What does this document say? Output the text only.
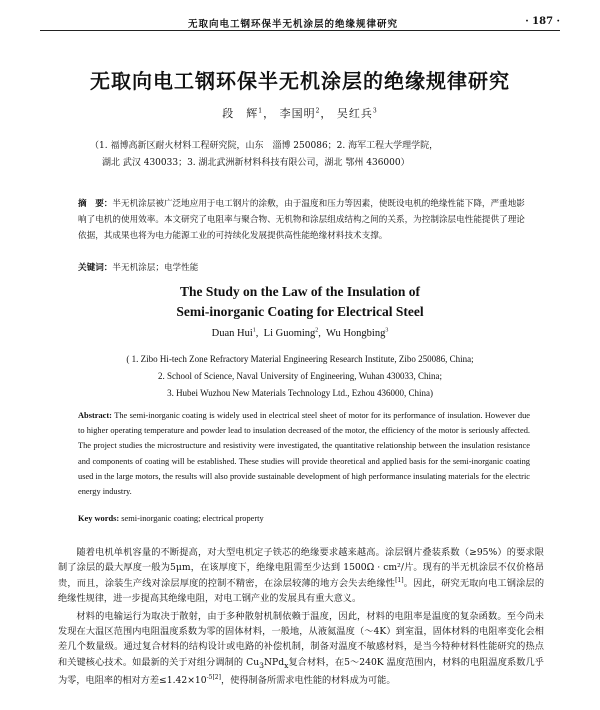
无取向电工钢环保半无机涂层的绝缘规律研究	· 187 ·
无取向电工钢环保半无机涂层的绝缘规律研究
段　辉$^1$， 李国明$^2$， 吴红兵$^3$
（1. 福博高新区耐火材料工程研究院，山东　淄博 250086；2. 海军工程大学理学院，
湖北 武汉 430033；3. 湖北武洲新材料科技有限公司，湖北 鄂州 436000）
摘　要：半无机涂层被广泛地应用于电工钢片的涂敷，由于温度和压力等因素，使既设电机的绝缘性能下降，严重地影响了电机的使用效率。本文研究了电阻率与聚合物、无机物和涂层组成结构之间的关系，为控制涂层电性能提供了理论依据，其成果也将为电力能源工业的可持续化发展提供高性能绝缘材料技术支撑。
关键词：半无机涂层；电学性能
The Study on the Law of the Insulation of
Semi-inorganic Coating for Electrical Steel
Duan Hui$^1$,  Li Guoming$^2$,  Wu Hongbing$^3$
( 1. Zibo Hi-tech Zone Refractory Material Engineering Research Institute, Zibo 250086, China;
2. School of Science, Naval University of Engineering, Wuhan 430033, China;
3. Hubei Wuzhou New Materials Technology Ltd., Ezhou 436000, China)
Abstract: The semi-inorganic coating is widely used in electrical steel sheet of motor for its performance of insulation. However due to higher operating temperature and powder lead to insulation decreased of the motor, the efficiency of the motor is seriously affected. The project studies the microstructure and resistivity were investigated, the quantitative relationship between the insulation resistance and components of coating will be established. These studies will provide theoretical and applied basis for the semi-inorganic coating used in the large motors, the results will also provide sustainable development of high performance insulating materials for the electric energy industry.
Key words: semi-inorganic coating; electrical property

随着电机单机容量的不断提高，对大型电机定子铁芯的绝缘要求越来越高。涂层钢片叠装系数（≥95%）的要求限制了涂层的最大厚度一般为5μm，在该厚度下，绝缘电阻需至少达到 1500Ω · cm²/片。现有的半无机涂层不仅价格昂贵，而且，涂装生产线对涂层厚度的控制不精密，在涂层较薄的地方会失去绝缘性[1]。因此，研究无取向电工钢涂层的绝缘性规律，进一步提高其绝缘电阻，对电工钢产业的发展具有重大意义。

材料的电输运行为取决于散射，由于多种散射机制依赖于温度，因此，材料的电阻率是温度的复杂函数。至今尚未发现在大温区范围内电阻温度系数为零的固体材料，一般地，从液氦温度（～4K）到室温，固体材料的电阻率变化会相差几个数量级。通过复合材料的结构设计或电路的补偿机制，制备对温度不敏感材料，是当今特种材料性能研究的热点和关键核心技术。如最新的关于对组分调制的 $Cu_3NPd_x$复合材料，在5～240K 温度范围内，材料的电阻温度系数几乎为零，电阻率的相对方差$\le 1.42\times 10^{-5[2]}$，使得制备所需求电性能的材料成为可能。
